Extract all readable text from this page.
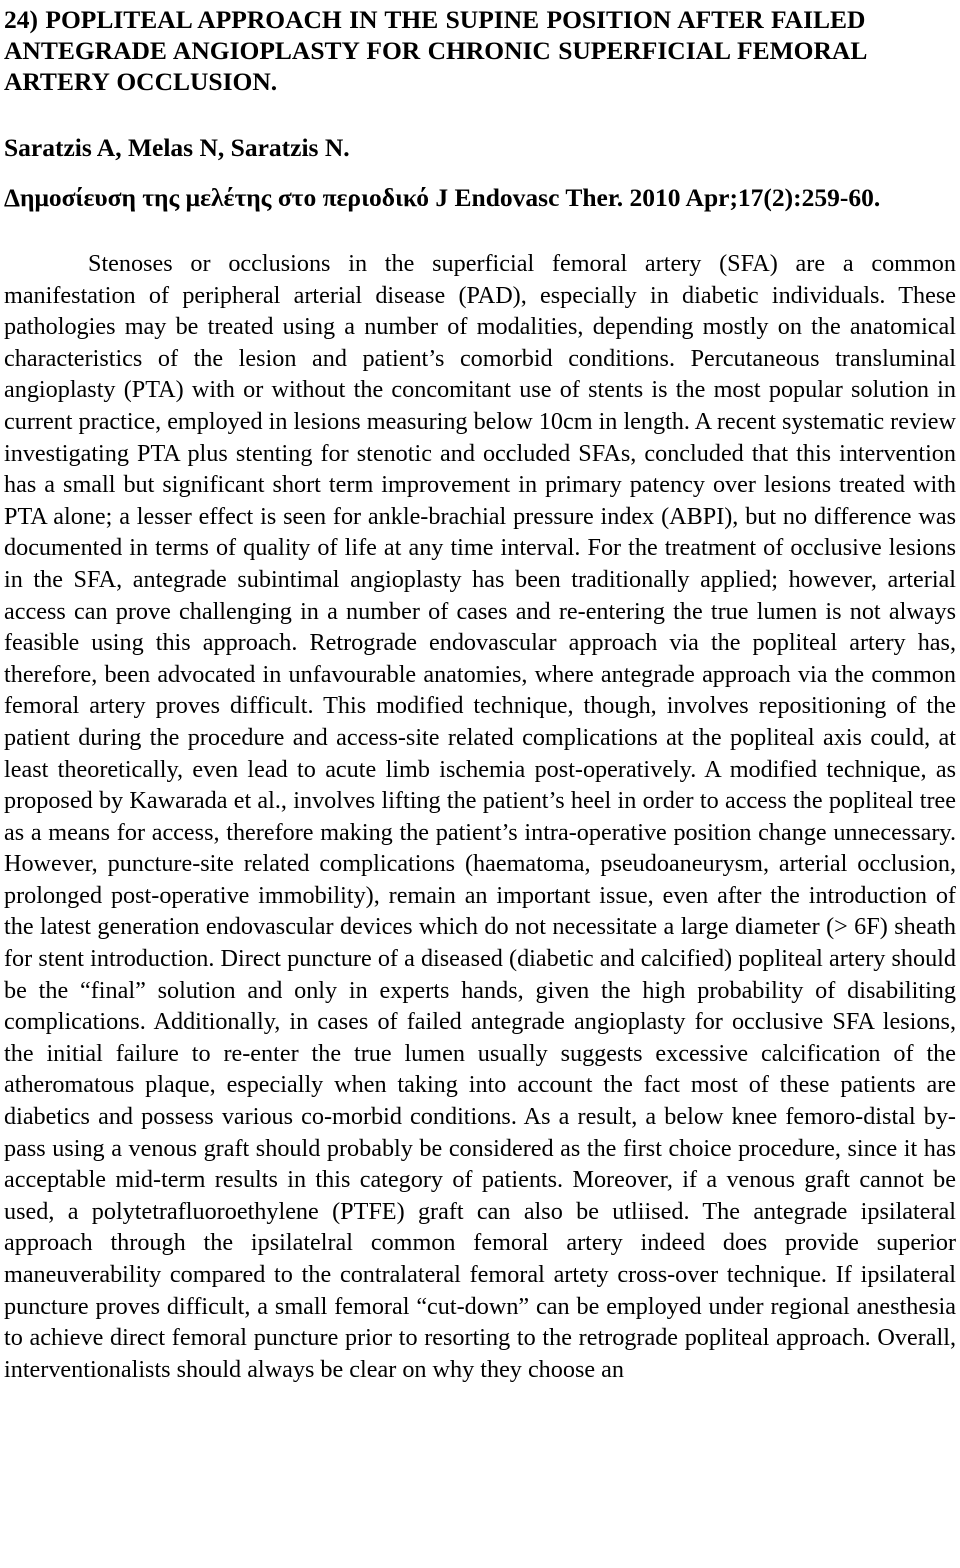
24) POPLITEAL APPROACH IN THE SUPINE POSITION AFTER FAILED ANTEGRADE ANGIOPLASTY FOR CHRONIC SUPERFICIAL FEMORAL ARTERY OCCLUSION.

Saratzis A, Melas N, Saratzis N.

Δημοσίευση της μελέτης στο περιοδικό J Endovasc Ther. 2010 Apr;17(2):259-60.

Stenoses or occlusions in the superficial femoral artery (SFA) are a common manifestation of peripheral arterial disease (PAD), especially in diabetic individuals. These pathologies may be treated using a number of modalities, depending mostly on the anatomical characteristics of the lesion and patient’s comorbid conditions. Percutaneous transluminal angioplasty (PTA) with or without the concomitant use of stents is the most popular solution in current practice, employed in lesions measuring below 10cm in length. A recent systematic review investigating PTA plus stenting for stenotic and occluded SFAs, concluded that this intervention has a small but significant short term improvement in primary patency over lesions treated with PTA alone; a lesser effect is seen for ankle-brachial pressure index (ABPI), but no difference was documented in terms of quality of life at any time interval. For the treatment of occlusive lesions in the SFA, antegrade subintimal angioplasty has been traditionally applied; however, arterial access can prove challenging in a number of cases and re-entering the true lumen is not always feasible using this approach. Retrograde endovascular approach via the popliteal artery has, therefore, been advocated in unfavourable anatomies, where antegrade approach via the common femoral artery proves difficult. This modified technique, though, involves repositioning of the patient during the procedure and access-site related complications at the popliteal axis could, at least theoretically, even lead to acute limb ischemia post-operatively. A modified technique, as proposed by Kawarada et al., involves lifting the patient’s heel in order to access the popliteal tree as a means for access, therefore making the patient’s intra-operative position change unnecessary. However, puncture-site related complications (haematoma, pseudoaneurysm, arterial occlusion, prolonged post-operative immobility), remain an important issue, even after the introduction of the latest generation endovascular devices which do not necessitate a large diameter (> 6F) sheath for stent introduction. Direct puncture of a diseased (diabetic and calcified) popliteal artery should be the “final” solution and only in experts hands, given the high probability of disabiliting complications. Additionally, in cases of failed antegrade angioplasty for occlusive SFA lesions, the initial failure to re-enter the true lumen usually suggests excessive calcification of the atheromatous plaque, especially when taking into account the fact most of these patients are diabetics and possess various co-morbid conditions. As a result, a below knee femoro-distal by-pass using a venous graft should probably be considered as the first choice procedure, since it has acceptable mid-term results in this category of patients. Moreover, if a venous graft cannot be used, a polytetrafluoroethylene (PTFE) graft can also be utliised. The antegrade ipsilateral approach through the ipsilatelral common femoral artery indeed does provide superior maneuverability compared to the contralateral femoral artety cross-over technique. If ipsilateral puncture proves difficult, a small femoral “cut-down” can be employed under regional anesthesia to achieve direct femoral puncture prior to resorting to the retrograde popliteal approach. Overall, interventionalists should always be clear on why they choose an
